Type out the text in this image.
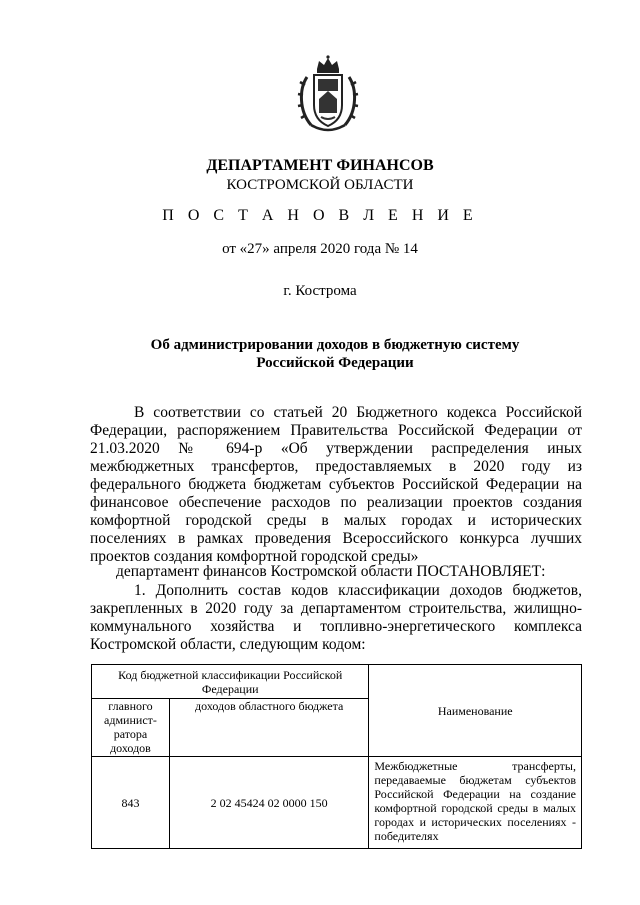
ДЕПАРТАМЕНТ ФИНАНСОВ
КОСТРОМСКОЙ ОБЛАСТИ
П О С Т А Н О В Л Е Н И Е
от «27» апреля 2020 года № 14
г. Кострома
Об администрировании доходов в бюджетную систему
Российской Федерации

В соответствии со статьей 20 Бюджетного кодекса Российской Федерации, распоряжением Правительства Российской Федерации от 21.03.2020 № 694-р «Об утверждении распределения иных межбюджетных трансфертов, предоставляемых в 2020 году из федерального бюджета бюджетам субъектов Российской Федерации на финансовое обеспечение расходов по реализации проектов создания комфортной городской среды в малых городах и исторических поселениях в рамках проведения Всероссийского конкурса лучших проектов создания комфортной городской среды»

департамент финансов Костромской области ПОСТАНОВЛЯЕТ:

1. Дополнить состав кодов классификации доходов бюджетов, закрепленных в 2020 году за департаментом строительства, жилищно-коммунального хозяйства и топливно-энергетического комплекса Костромской области, следующим кодом:

Код бюджетной классификации Российской Федерации		Наименование
главного админист-ратора доходов	доходов областного бюджета	
843	2 02 45424 02 0000 150	Межбюджетные трансферты, передаваемые бюджетам субъектов Российской Федерации на создание комфортной городской среды в малых городах и исторических поселениях - победителях
